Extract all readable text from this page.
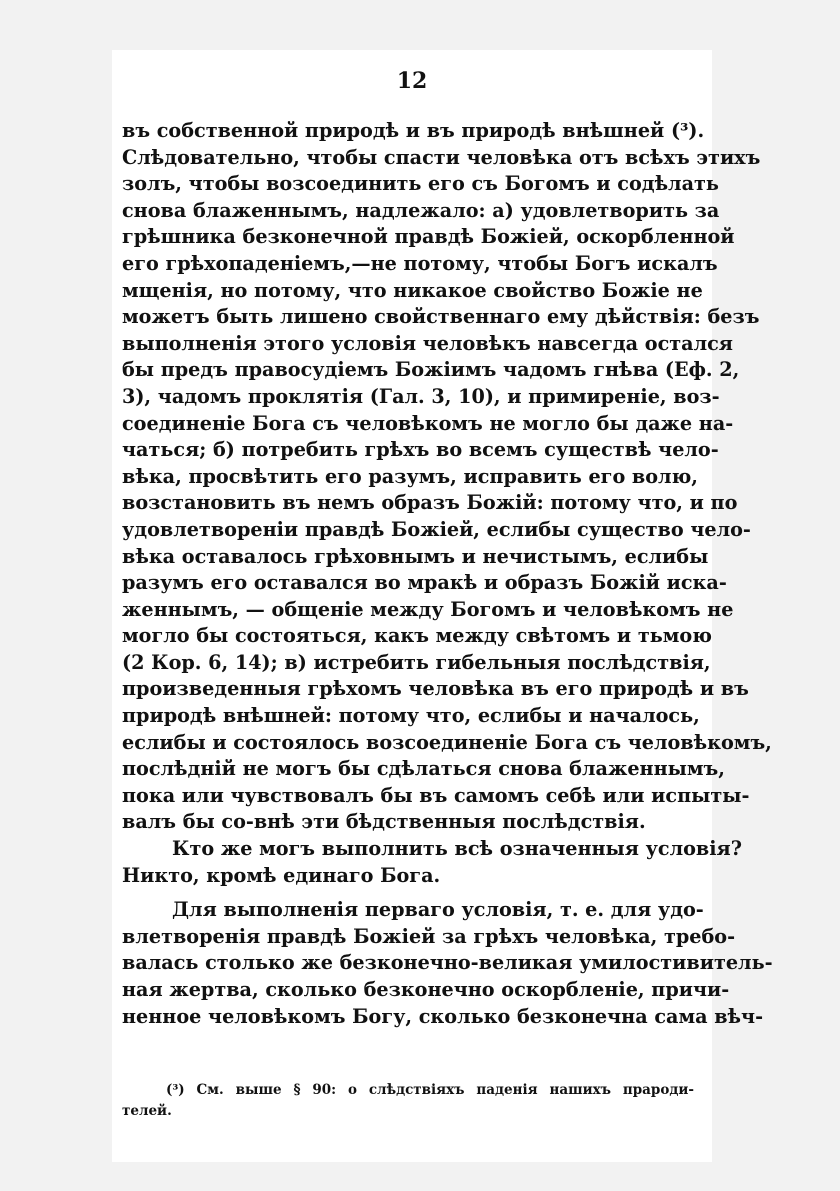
12
въ собственной природѣ и въ природѣ внѣшней (³).
Слѣдовательно, чтобы спасти человѣка отъ всѣхъ этихъ
золъ, чтобы возсоединить его съ Богомъ и содѣлать
снова блаженнымъ, надлежало: а) удовлетворить за
грѣшника безконечной правдѣ Божіей, оскорбленной
его грѣхопаденіемъ,—не потому, чтобы Богъ искалъ
мщенія, но потому, что никакое свойство Божіе не
можетъ быть лишено свойственнаго ему дѣйствія: безъ
выполненія этого условія человѣкъ навсегда остался
бы предъ правосудіемъ Божіимъ чадомъ гнѣва (Еф. 2,
3), чадомъ проклятія (Гал. 3, 10), и примиреніе, воз-
соединеніе Бога съ человѣкомъ не могло бы даже на-
чаться; б) потребить грѣхъ во всемъ существѣ чело-
вѣка, просвѣтить его разумъ, исправить его волю,
возстановить въ немъ образъ Божій: потому что, и по
удовлетвореніи правдѣ Божіей, еслибы существо чело-
вѣка оставалось грѣховнымъ и нечистымъ, еслибы
разумъ его оставался во мракѣ и образъ Божій иска-
женнымъ, — общеніе между Богомъ и человѣкомъ не
могло бы состояться, какъ между свѣтомъ и тьмою
(2 Кор. 6, 14); в) истребить гибельныя послѣдствія,
произведенныя грѣхомъ человѣка въ его природѣ и въ
природѣ внѣшней: потому что, еслибы и началось,
еслибы и состоялось возсоединеніе Бога съ человѣкомъ,
послѣдній не могъ бы сдѣлаться снова блаженнымъ,
пока или чувствовалъ бы въ самомъ себѣ или испыты-
валъ бы со-внѣ эти бѣдственныя послѣдствія.
Кто же могъ выполнить всѣ означенныя условія?
Никто, кромѣ единаго Бога.
Для выполненія перваго условія, т. е. для удо-
влетворенія правдѣ Божіей за грѣхъ человѣка, требо-
валась столько же безконечно-великая умилостивитель-
ная жертва, сколько безконечно оскорбленіе, причи-
ненное человѣкомъ Богу, сколько безконечна сама вѣч-
(³) См. выше § 90: о слѣдствіяхъ паденія нашихъ прароди-
телей.
